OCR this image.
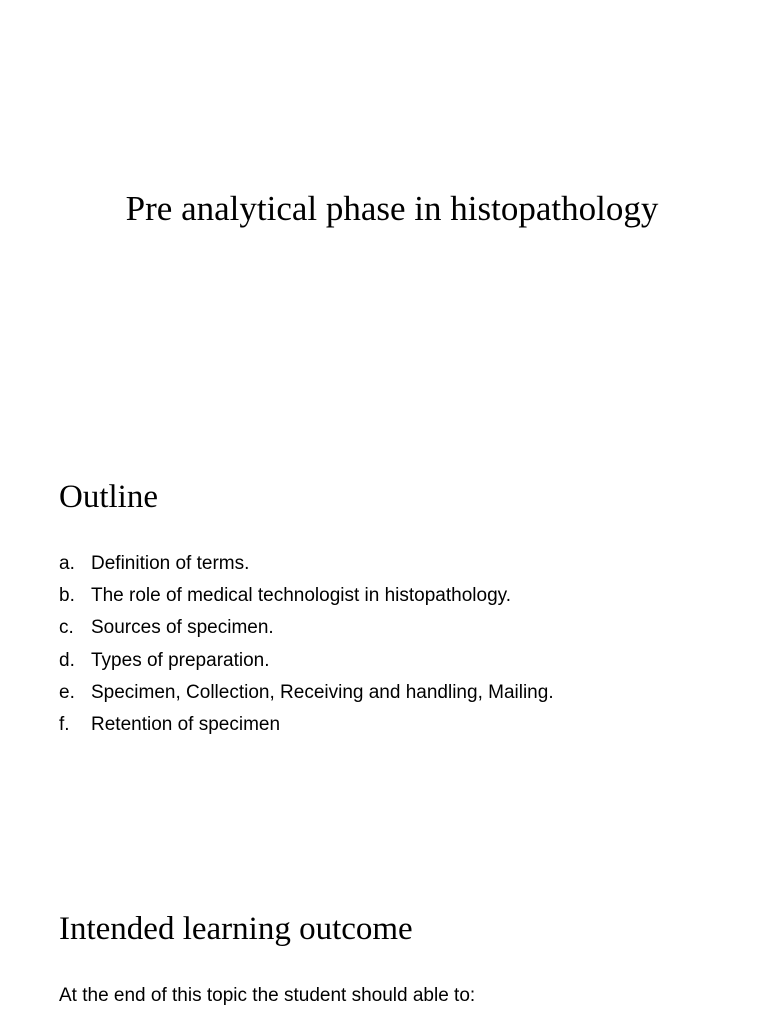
Pre analytical phase in histopathology
Outline
a. Definition of terms.
b. The role of medical technologist in histopathology.
c. Sources of specimen.
d. Types of preparation.
e. Specimen, Collection, Receiving and handling, Mailing.
f. Retention of specimen
Intended learning outcome

At the end of this topic the student should able to:
